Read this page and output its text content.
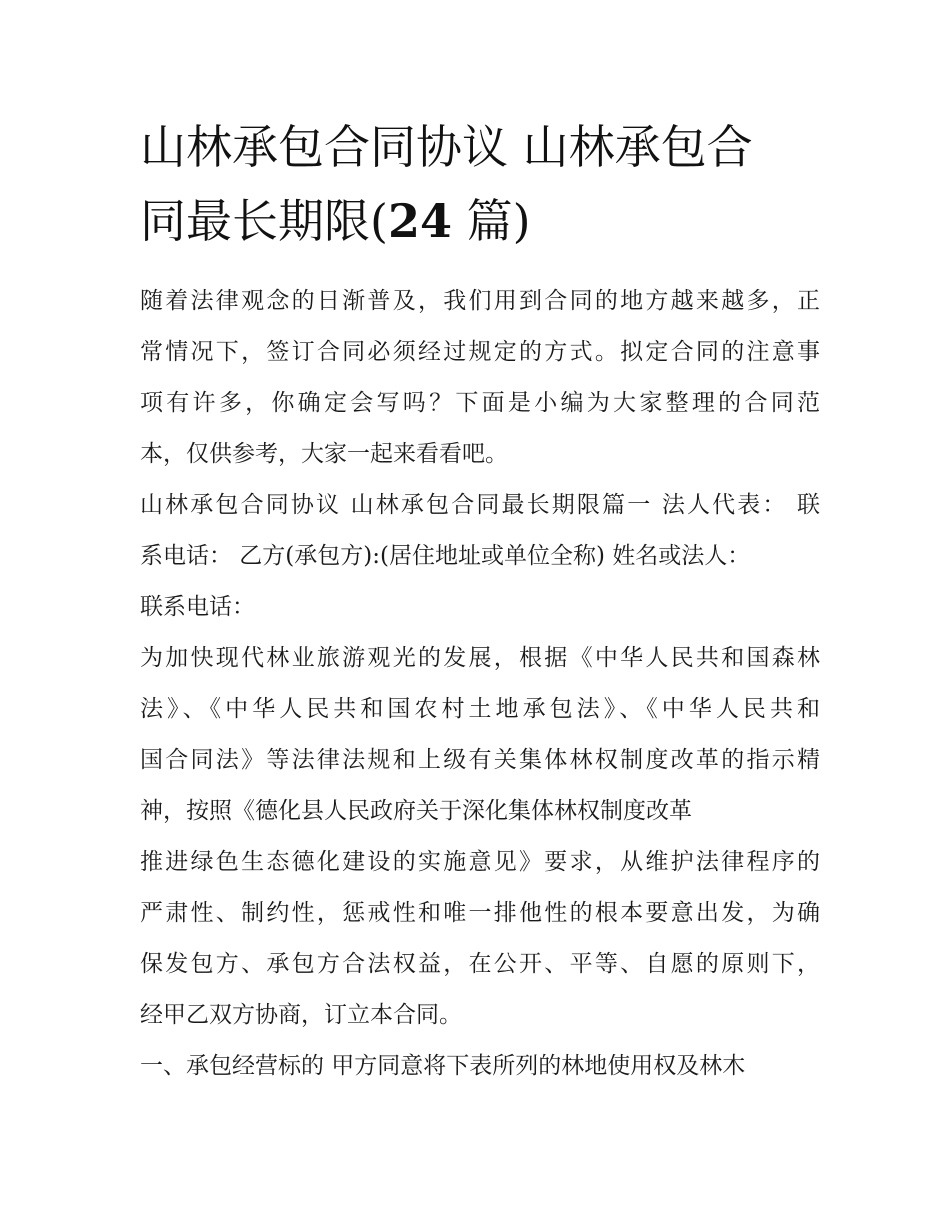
山林承包合同协议 山林承包合
同最长期限(24 篇)

随着法律观念的日渐普及，我们用到合同的地方越来越多，正

常情况下，签订合同必须经过规定的方式。拟定合同的注意事

项有许多，你确定会写吗？下面是小编为大家整理的合同范

本，仅供参考，大家一起来看看吧。

山林承包合同协议 山林承包合同最长期限篇一 法人代表： 联

系电话： 乙方(承包方):(居住地址或单位全称) 姓名或法人：

联系电话：

为加快现代林业旅游观光的发展，根据《中华人民共和国森林

法》、《中华人民共和国农村土地承包法》、《中华人民共和

国合同法》等法律法规和上级有关集体林权制度改革的指示精

神，按照《德化县人民政府关于深化集体林权制度改革

推进绿色生态德化建设的实施意见》要求，从维护法律程序的

严肃性、制约性，惩戒性和唯一排他性的根本要意出发，为确

保发包方、承包方合法权益，在公开、平等、自愿的原则下，

经甲乙双方协商，订立本合同。

一、承包经营标的 甲方同意将下表所列的林地使用权及林木
